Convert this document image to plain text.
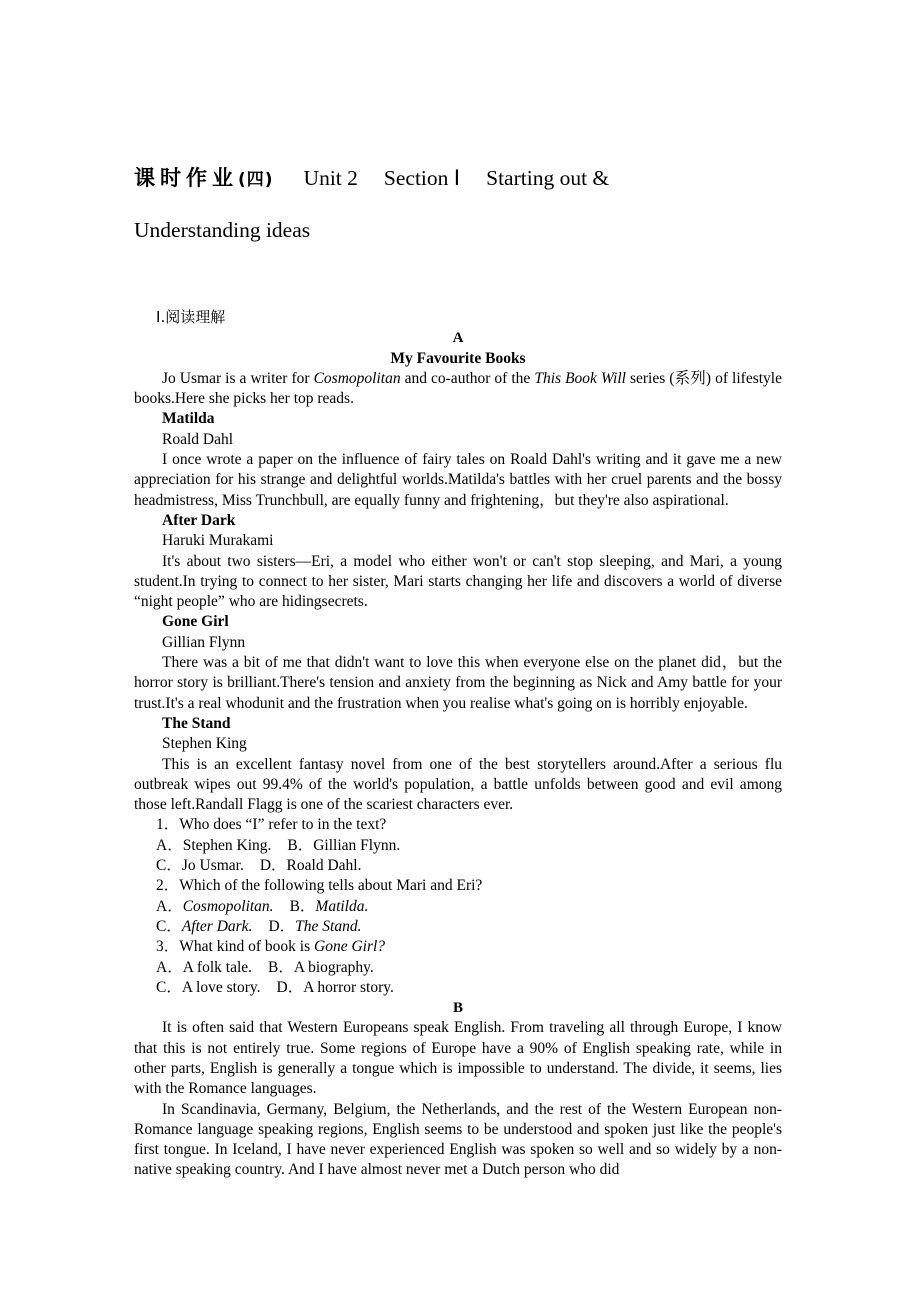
课时作业(四) Unit 2 Section Ⅰ Starting out &
Understanding ideas
Ⅰ.阅读理解
A
My Favourite Books

Jo Usmar is a writer for Cosmopolitan and co-author of the This Book Will series (系列) of lifestyle books.Here she picks her top reads.

Matilda
Roald Dahl

I once wrote a paper on the influence of fairy tales on Roald Dahl's writing and it gave me a new appreciation for his strange and delightful worlds.Matilda's battles with her cruel parents and the bossy headmistress, Miss Trunchbull, are equally funny and frightening，but they're also aspirational.

After Dark
Haruki Murakami

It's about two sisters—Eri, a model who either won't or can't stop sleeping, and Mari, a young student.In trying to connect to her sister, Mari starts changing her life and discovers a world of diverse “night people” who are hidingsecrets.

Gone Girl
Gillian Flynn

There was a bit of me that didn't want to love this when everyone else on the planet did，but the horror story is brilliant.There's tension and anxiety from the beginning as Nick and Amy battle for your trust.It's a real whodunit and the frustration when you realise what's going on is horribly enjoyable.

The Stand
Stephen King

This is an excellent fantasy novel from one of the best storytellers around.After a serious flu outbreak wipes out 99.4% of the world's population, a battle unfolds between good and evil among those left.Randall Flagg is one of the scariest characters ever.

1．Who does “I” refer to in the text?
A．Stephen King. B．Gillian Flynn.
C．Jo Usmar. D．Roald Dahl.
2．Which of the following tells about Mari and Eri?
A．Cosmopolitan. B．Matilda.
C．After Dark. D．The Stand.
3．What kind of book is Gone Girl?
A．A folk tale. B．A biography.
C．A love story. D．A horror story.
B

It is often said that Western Europeans speak English. From traveling all through Europe, I know that this is not entirely true. Some regions of Europe have a 90% of English speaking rate, while in other parts, English is generally a tongue which is impossible to understand. The divide, it seems, lies with the Romance languages.

In Scandinavia, Germany, Belgium, the Netherlands, and the rest of the Western European non-Romance language speaking regions, English seems to be understood and spoken just like the people's first tongue. In Iceland, I have never experienced English was spoken so well and so widely by a non-native speaking country. And I have almost never met a Dutch person who did
